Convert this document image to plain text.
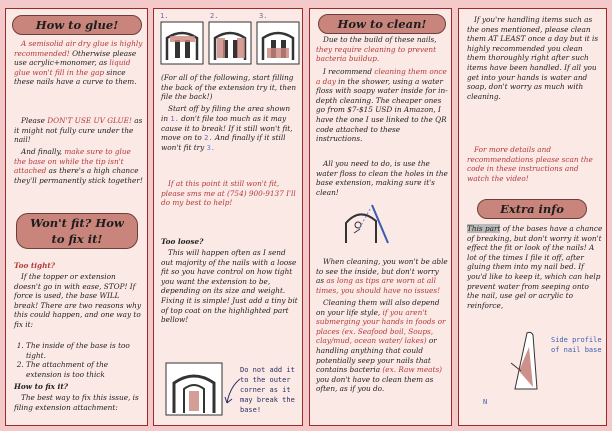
How to glue!

A semisolid air dry glue is highly recommended! Otherwise please use acrylic+monomer, as liquid glue won't fill in the gap since these nails have a curve to them.

Please DON'T USE UV GLUE! as it might not fully cure under the nail!

And finally, make sure to glue the base on while the tip isn't attached as there's a high chance they'll permanently stick together!

Won't fit? How
to fix it!

Too tight?

If the topper or extension doesn't go in with ease, STOP! If force is used, the base WILL break! There are two reasons why this could happen, and one way to fix it:

1. The inside of the base is too tight.
2. The attachment of the extension is too thick

How to fix it?

The best way to fix this issue, is filing extension attachment:

1.	2.	3.

(For all of the following, start filling the back of the extension try it, then file the back!)

Start off by filing the area shown in 1. don't file too much as it may cause it to break! If it still won't fit, move on to 2. And finally if it still won't fit try 3.

If at this point it still won't fit, please sms me at (754) 900-9137 I'll do my best to help!

Too loose?

This will happen often as I send out majority of the nails with a loose fit so you have control on how tight you want the extension to be, depending on its size and weight. Fixing it is simple! Just add a tiny bit of top coat on the highlighted part bellow!

Do not add it to the outer corner as it may break the base!
How to clean!

Due to the build of these nails, they require cleaning to prevent bacteria buildup.

I recommend cleaning them once a day in the shower, using a water floss with soapy water inside for in-depth cleaning. The cheaper ones go from $7-$15 USD in Amazon, I have the one I use linked to the QR code attached to these instructions.

All you need to do, is use the water floss to clean the holes in the base extension, making sure it's clean!

When cleaning, you won't be able to see the inside, but don't worry as as long as tips are worn at all times, you should have no issues!

Cleaning them will also depend on your life style, if you aren't submerging your hands in foods or places (ex. Seafood boil, Soups, clay/mud, ocean water/ lakes) or handling anything that could potentially seep your nails that contains bacteria (ex. Raw meats) you don't have to clean them as often, as if you do.

If you're handling items such as the ones mentioned, please clean them AT LEAST once a day but it is highly recommended you clean them thoroughly right after such items have been handled. If all you get into your hands is water and soap, don't worry as much with cleaning.

For more details and recommendations please scan the code in these instructions and watch the video!

Extra info

This part of the bases have a chance of breaking, but don't worry it won't effect the fit or look of the nails! A lot of the times I file it off, after gluing them into my nail bed. If you'd like to keep it, which can help prevent water from seeping onto the nail, use gel or acrylic to reinforce,

Side profile of nail base
N
